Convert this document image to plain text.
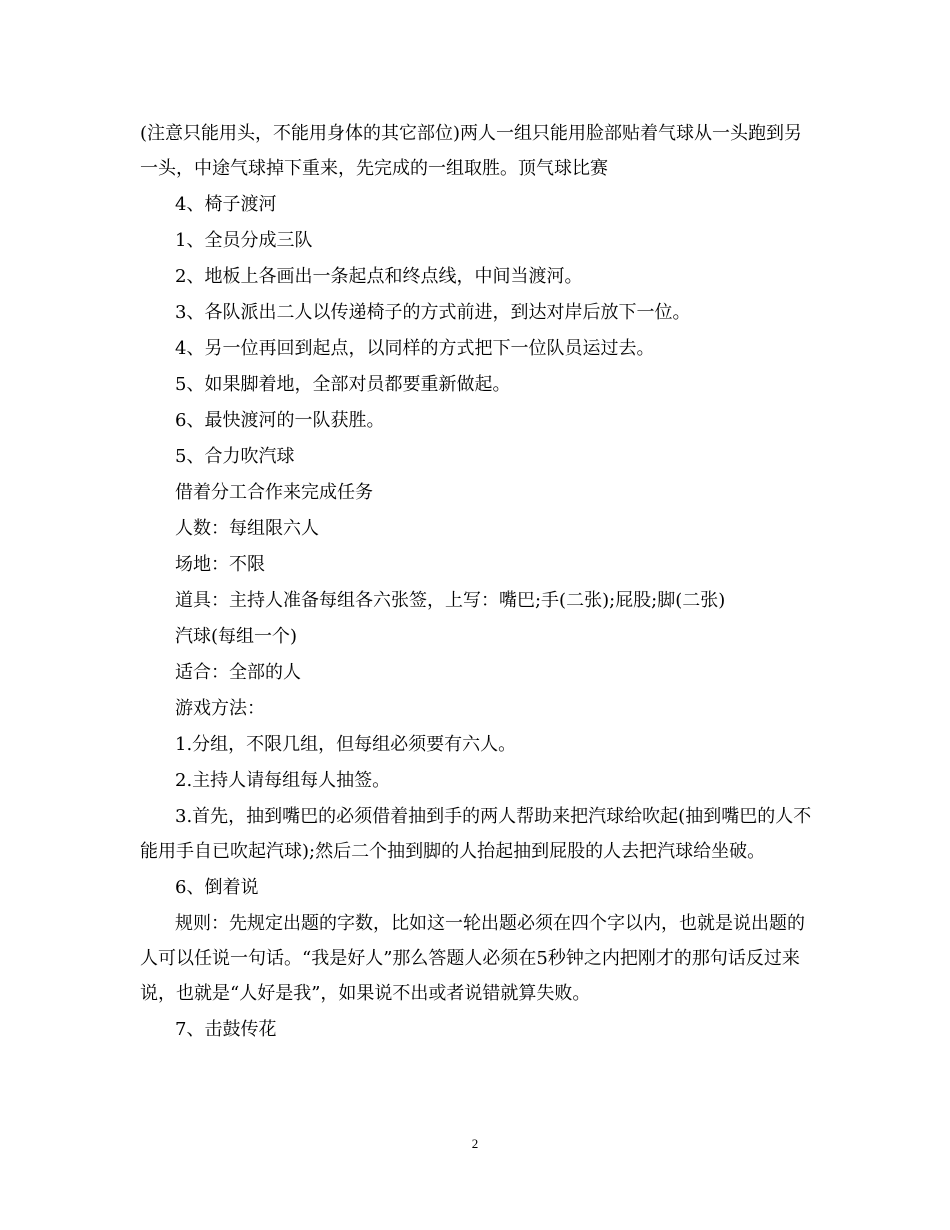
(注意只能用头，不能用身体的其它部位)两人一组只能用脸部贴着气球从一头跑到另一头，中途气球掉下重来，先完成的一组取胜。顶气球比赛

4、椅子渡河

1、全员分成三队

2、地板上各画出一条起点和终点线，中间当渡河。

3、各队派出二人以传递椅子的方式前进，到达对岸后放下一位。

4、另一位再回到起点，以同样的方式把下一位队员运过去。

5、如果脚着地，全部对员都要重新做起。

6、最快渡河的一队获胜。

5、合力吹汽球

借着分工合作来完成任务

人数：每组限六人

场地：不限

道具：主持人准备每组各六张签，上写：嘴巴;手(二张);屁股;脚(二张)

汽球(每组一个)

适合：全部的人

游戏方法：

1.分组，不限几组，但每组必须要有六人。

2.主持人请每组每人抽签。

3.首先，抽到嘴巴的必须借着抽到手的两人帮助来把汽球给吹起(抽到嘴巴的人不能用手自已吹起汽球);然后二个抽到脚的人抬起抽到屁股的人去把汽球给坐破。

6、倒着说

规则：先规定出题的字数，比如这一轮出题必须在四个字以内，也就是说出题的人可以任说一句话。“我是好人”那么答题人必须在5秒钟之内把刚才的那句话反过来说，也就是“人好是我”，如果说不出或者说错就算失败。

7、击鼓传花

2
